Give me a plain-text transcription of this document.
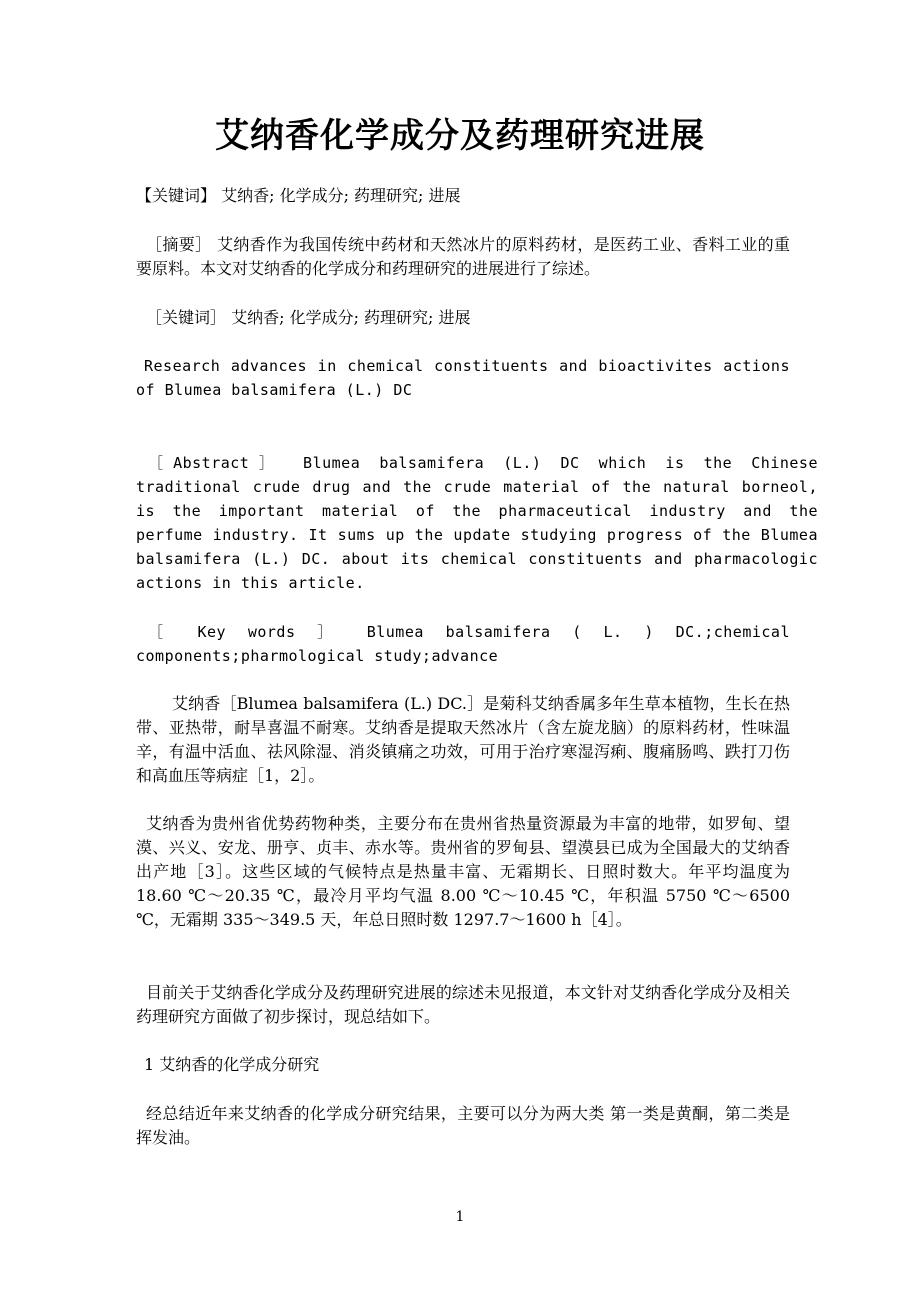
艾纳香化学成分及药理研究进展

【关键词】 艾纳香; 化学成分; 药理研究; 进展

［摘要］ 艾纳香作为我国传统中药材和天然冰片的原料药材，是医药工业、香料工业的重要原料。本文对艾纳香的化学成分和药理研究的进展进行了综述。

［关键词］ 艾纳香; 化学成分; 药理研究; 进展

Research advances in chemical constituents and bioactivites actions of Blumea balsamifera (L.) DC

［Abstract］ Blumea balsamifera (L.) DC which is the Chinese traditional crude drug and the crude material of the natural borneol, is the important material of the pharmaceutical industry and the perfume industry. It sums up the update studying progress of the Blumea balsamifera (L.) DC. about its chemical constituents and pharmacologic actions in this article.

［ Key words ］ Blumea balsamifera ( L. ) DC.;chemical components;pharmological study;advance

艾纳香［Blumea balsamifera (L.) DC.］是菊科艾纳香属多年生草本植物，生长在热带、亚热带，耐旱喜温不耐寒。艾纳香是提取天然冰片（含左旋龙脑）的原料药材，性味温辛，有温中活血、祛风除湿、消炎镇痛之功效，可用于治疗寒湿泻痢、腹痛肠鸣、跌打刀伤和高血压等病症［1，2］。

艾纳香为贵州省优势药物种类，主要分布在贵州省热量资源最为丰富的地带，如罗甸、望漠、兴义、安龙、册亨、贞丰、赤水等。贵州省的罗甸县、望漠县已成为全国最大的艾纳香出产地［3］。这些区域的气候特点是热量丰富、无霜期长、日照时数大。年平均温度为 18.60 ℃～20.35 ℃，最冷月平均气温 8.00 ℃～10.45 ℃，年积温 5750 ℃～6500 ℃，无霜期 335～349.5 天，年总日照时数 1297.7～1600 h［4］。

目前关于艾纳香化学成分及药理研究进展的综述未见报道，本文针对艾纳香化学成分及相关药理研究方面做了初步探讨，现总结如下。

1 艾纳香的化学成分研究

经总结近年来艾纳香的化学成分研究结果，主要可以分为两大类 第一类是黄酮，第二类是挥发油。

1
